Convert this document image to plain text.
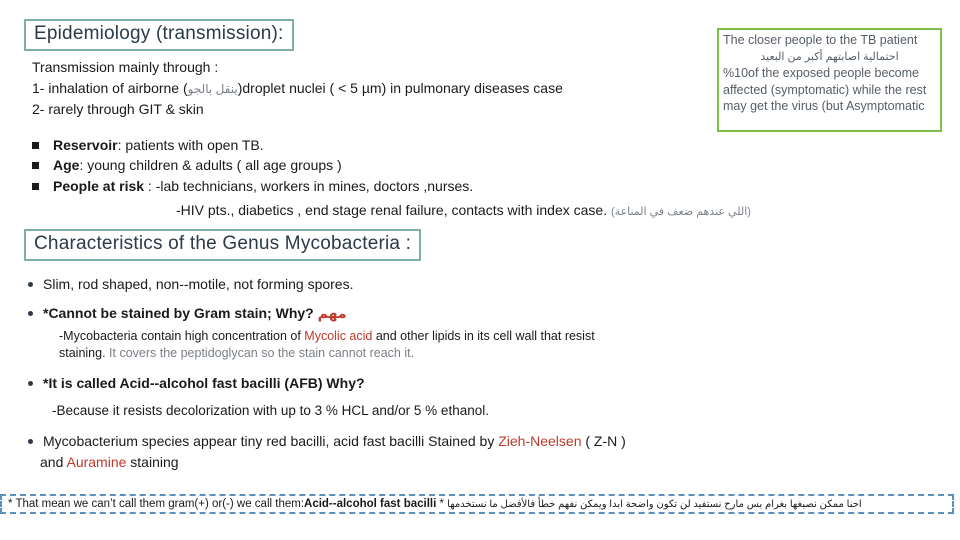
Epidemiology (transmission):	The closer people to the TB patient
احتمالية اصابتهم أكبر من البعيد
%10of the exposed people become affected (symptomatic) while the rest may get the virus (but Asymptomatic
Transmission mainly through :
1- inhalation of airborne (ينقل بالجو)droplet nuclei ( < 5 µm) in pulmonary diseases case
2- rarely through GIT & skin
Reservoir: patients with open TB.
Age: young children & adults ( all age groups )
People at risk : -lab technicians, workers in mines, doctors ,nurses.
-HIV pts., diabetics , end stage renal failure, contacts with index case. (اللي عندهم ضعف في المناعة)
Characteristics of the Genus Mycobacteria :
Slim, rod shaped, non--motile, not forming spores.
*Cannot be stained by Gram stain; Why? مهم
-Mycobacteria contain high concentration of Mycolic acid and other lipids in its cell wall that resist
staining. It covers the peptidoglycan so the stain cannot reach it.
*It is called Acid--alcohol fast bacilli (AFB) Why?
-Because it resists decolorization with up to 3 % HCL and/or 5 % ethanol.
Mycobacterium species appear tiny red bacilli, acid fast bacilli Stained by Zieh-Neelsen ( Z-N )
and Auramine staining
* That mean we can’t call them gram(+) or(-) we call them:Acid--alcohol fast bacilli * احنا ممكن نصبغها بغرام بس مارح نستفيد لن تكون واضحة ابدا ويمكن نفهم خطأ فالأفضل ما نستخدمها
